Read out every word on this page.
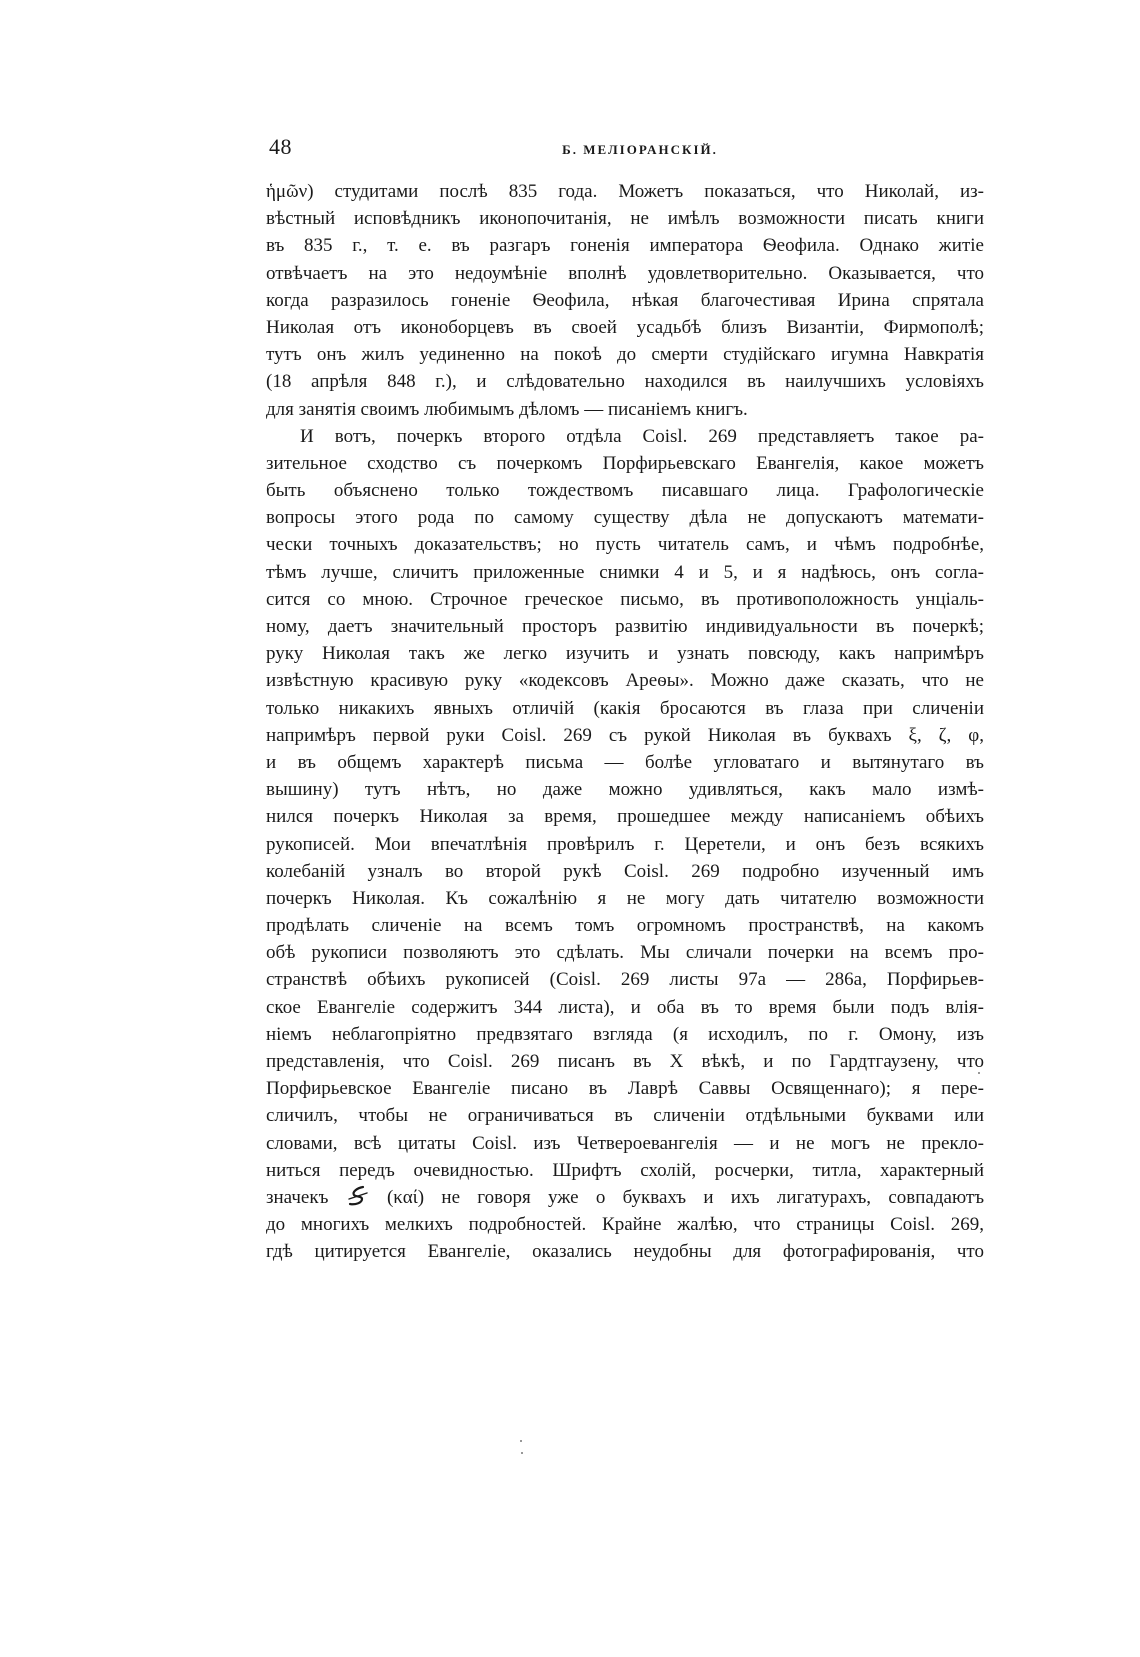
48	Б. МЕЛІОРАНСКІЙ.
ἡμῶν) студитами послѣ 835 года. Можетъ показаться, что Николай, из-
вѣстный исповѣдникъ иконопочитанія, не имѣлъ возможности писать книги
въ 835 г., т. е. въ разгаръ гоненія императора Ѳеофила. Однако житіе
отвѣчаетъ на это недоумѣніе вполнѣ удовлетворительно. Оказывается, что
когда разразилось гоненіе Ѳеофила, нѣкая благочестивая Ирина спрятала
Николая отъ иконоборцевъ въ своей усадьбѣ близъ Византіи, Фирмополѣ;
тутъ онъ жилъ уединенно на покоѣ до смерти студійскаго игумна Навкратія
(18 апрѣля 848 г.), и слѣдовательно находился въ наилучшихъ условіяхъ
для занятія своимъ любимымъ дѣломъ — писаніемъ книгъ.
И вотъ, почеркъ второго отдѣла Coisl. 269 представляетъ такое ра-
зительное сходство съ почеркомъ Порфирьевскаго Евангелія, какое можетъ
быть объяснено только тождествомъ писавшаго лица. Графологическіе
вопросы этого рода по самому существу дѣла не допускаютъ математи-
чески точныхъ доказательствъ; но пусть читатель самъ, и чѣмъ подробнѣе,
тѣмъ лучше, сличитъ приложенные снимки 4 и 5, и я надѣюсь, онъ согла-
сится со мною. Строчное греческое письмо, въ противоположность унціаль-
ному, даетъ значительный просторъ развитію индивидуальности въ почеркѣ;
руку Николая такъ же легко изучить и узнать повсюду, какъ напримѣръ
извѣстную красивую руку «кодексовъ Ареѳы». Можно даже сказать, что не
только никакихъ явныхъ отличій (какія бросаются въ глаза при сличеніи
напримѣръ первой руки Coisl. 269 съ рукой Николая въ буквахъ ξ, ζ, φ,
и въ общемъ характерѣ письма — болѣе угловатаго и вытянутаго въ
вышину) тутъ нѣтъ, но даже можно удивляться, какъ мало измѣ-
нился почеркъ Николая за время, прошедшее между написаніемъ обѣихъ
рукописей. Мои впечатлѣнія провѣрилъ г. Церетели, и онъ безъ всякихъ
колебаній узналъ во второй рукѣ Coisl. 269 подробно изученный имъ
почеркъ Николая. Къ сожалѣнію я не могу дать читателю возможности
продѣлать сличеніе на всемъ томъ огромномъ пространствѣ, на какомъ
обѣ рукописи позволяютъ это сдѣлать. Мы сличали почерки на всемъ про-
странствѣ обѣихъ рукописей (Coisl. 269 листы 97а — 286а, Порфирьев-
ское Евангеліе содержитъ 344 листа), и оба въ то время были подъ влія-
ніемъ неблагопріятно предвзятаго взгляда (я исходилъ, по г. Омону, изъ
представленія, что Coisl. 269 писанъ въ X вѣкѣ, и по Гардтгаузену, что
Порфирьевское Евангеліе писано въ Лаврѣ Саввы Освященнаго); я пере-
сличилъ, чтобы не ограничиваться въ сличеніи отдѣльными буквами или
словами, всѣ цитаты Coisl. изъ Четвероевангелія — и не могъ не прекло-
ниться передъ очевидностью. Шрифтъ схолій, росчерки, титла, характерный
значекъ	(καί) не говоря уже о буквахъ и ихъ лигатурахъ, совпадаютъ
до многихъ мелкихъ подробностей. Крайне жалѣю, что страницы Coisl. 269,
гдѣ цитируется Евангеліе, оказались неудобны для фотографированія, что
